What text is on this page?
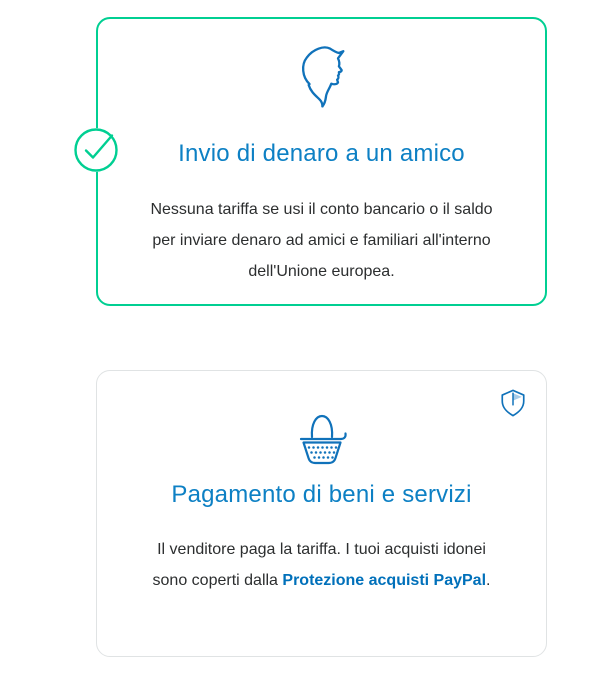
Invio di denaro a un amico

Nessuna tariffa se usi il conto bancario o il saldo per inviare denaro ad amici e familiari all'interno dell'Unione europea.

Pagamento di beni e servizi

Il venditore paga la tariffa. I tuoi acquisti idonei sono coperti dalla Protezione acquisti PayPal.
